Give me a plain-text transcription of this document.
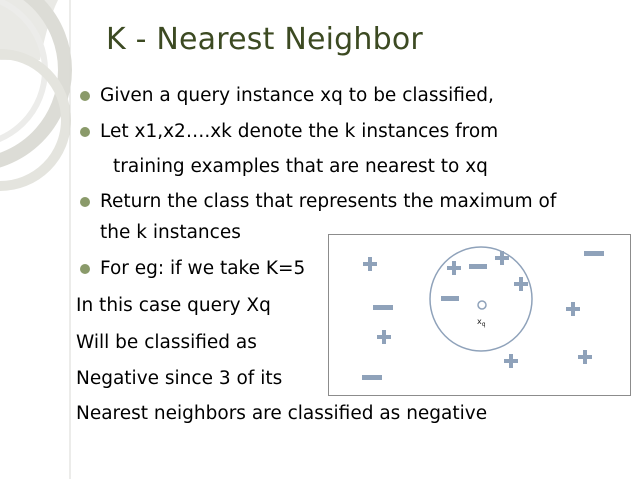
K - Nearest Neighbor
Given a query instance xq to be classified,
Let x1,x2….xk denote the k instances from
training examples that are nearest to xq
Return the class that represents the maximum of
the k instances
For eg: if we take K=5
In this case query Xq
Will be classified as
Negative since 3 of its
Nearest neighbors are classified as negative
$x_q$
